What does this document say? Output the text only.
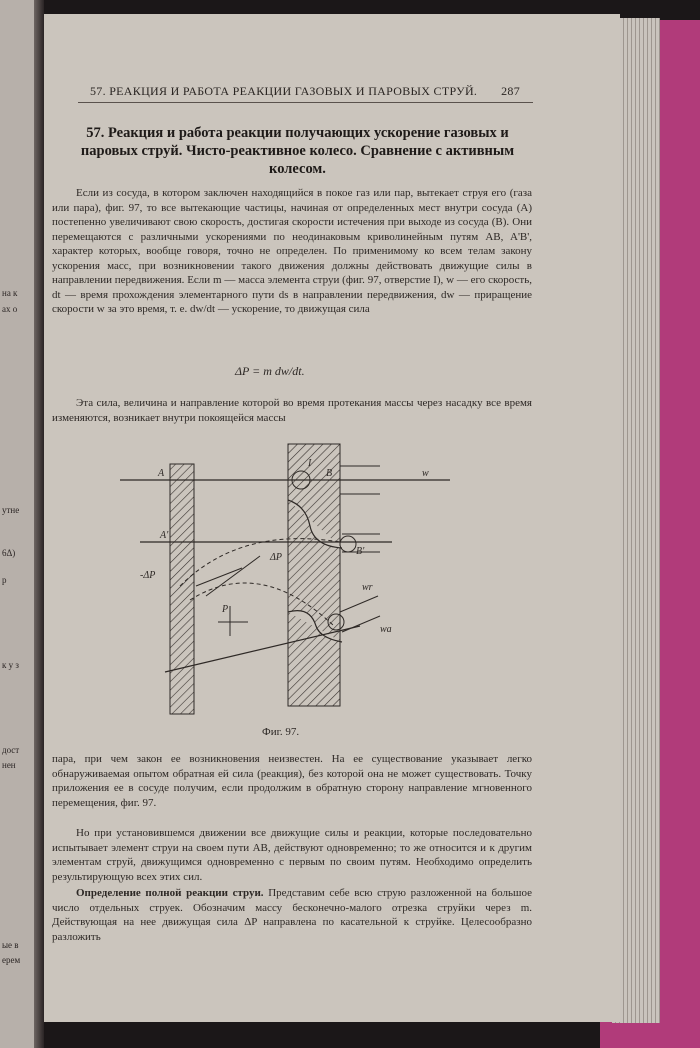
на к
ах о
утне
6Δ)
р
к у з
дост
нен
ые в
ерем
57. РЕАКЦИЯ И РАБОТА РЕАКЦИИ ГАЗОВЫХ И ПАРОВЫХ СТРУЙ. 287
57. Реакция и работа реакции получающих ускорение газовых и паровых струй. Чисто-реактивное колесо. Сравнение с активным колесом.

Если из сосуда, в котором заключен находящийся в покое газ или пар, вытекает струя его (газа или пара), фиг. 97, то все вытекающие частицы, начиная от определенных мест внутри сосуда (A) постепенно увеличивают свою скорость, достигая скорости истечения при выходе из сосуда (B). Они перемещаются с различными ускорениями по неодинаковым криволинейным путям AB, A'B', характер которых, вообще говоря, точно не определен. По применимому ко всем телам закону ускорения масс, при возникновении такого движения должны действовать движущие силы в направлении передвижения. Если m — масса элемента струи (фиг. 97, отверстие I), w — его скорость, dt — время прохождения элементарного пути ds в направлении передвижения, dw — приращение скорости w за это время, т. е. dw/dt — ускорение, то движущая сила

ΔP = m dw/dt.

Эта сила, величина и направление которой во время протекания массы через насадку все время изменяются, возникает внутри покоящейся массы

A	B
A'
B'
-ΔP
ΔP
w
wr
wa
P
I
Фиг. 97.

пара, при чем закон ее возникновения неизвестен. На ее существование указывает легко обнаруживаемая опытом обратная ей сила (реакция), без которой она не может существовать. Точку приложения ее в сосуде получим, если продолжим в обратную сторону направление мгновенного перемещения, фиг. 97.

Но при установившемся движении все движущие силы и реакции, которые последовательно испытывает элемент струи на своем пути AB, действуют одновременно; то же относится и к другим элементам струй, движущимся одновременно с первым по своим путям. Необходимо определить результирующую всех этих сил.

Определение полной реакции струи. Представим себе всю струю разложенной на большое число отдельных струек. Обозначим массу бесконечно-малого отрезка струйки через m. Действующая на нее движущая сила ΔP направлена по касательной к струйке. Целесообразно разложить
